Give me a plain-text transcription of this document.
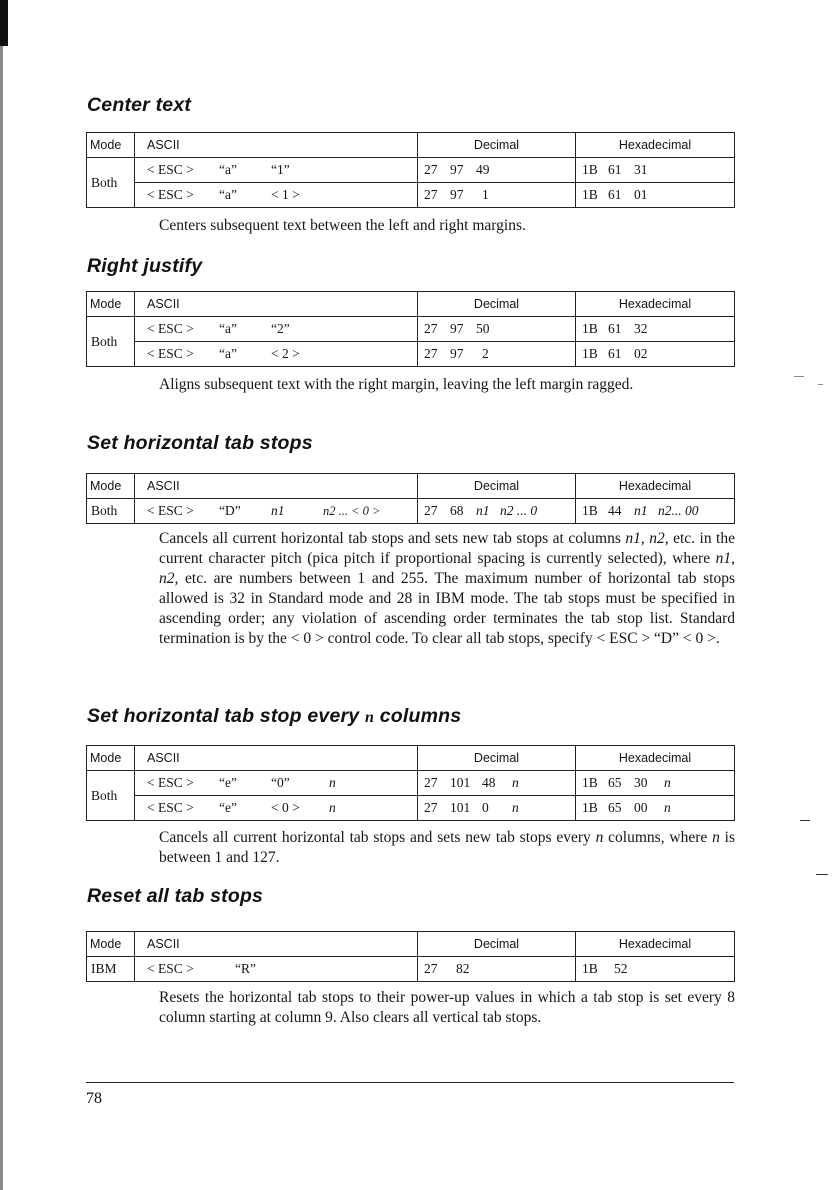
Center text
Mode	ASCII	Decimal	Hexadecimal
Both	< ESC > “a” “1”	27 97 49	1B 61 31
	< ESC > “a” < 1 >	27 97 1	1B 61 01

Centers subsequent text between the left and right margins.

Right justify
Mode	ASCII	Decimal	Hexadecimal
Both	< ESC > “a” “2”	27 97 50	1B 61 32
	< ESC > “a” < 2 >	27 97 2	1B 61 02

Aligns subsequent text with the right margin, leaving the left margin ragged.

Set horizontal tab stops
Mode	ASCII	Decimal	Hexadecimal
Both	< ESC > “D” n1 n2 ... < 0 >	27 68 n1 n2 ... 0	1B 44 n1 n2... 00

Cancels all current horizontal tab stops and sets new tab stops at columns n1, n2, etc. in the current character pitch (pica pitch if proportional spacing is currently selected), where n1, n2, etc. are numbers between 1 and 255. The maximum number of horizontal tab stops allowed is 32 in Standard mode and 28 in IBM mode. The tab stops must be specified in ascending order; any violation of ascending order terminates the tab stop list. Standard termination is by the < 0 > control code. To clear all tab stops, specify < ESC > “D” < 0 >.

Set horizontal tab stop every n columns
Mode	ASCII	Decimal	Hexadecimal
Both	< ESC > “e” “0” n	27 101 48 n	1B 65 30 n
	< ESC > “e” < 0 > n	27 101 0 n	1B 65 00 n

Cancels all current horizontal tab stops and sets new tab stops every n columns, where n is between 1 and 127.

Reset all tab stops
Mode	ASCII	Decimal	Hexadecimal
IBM	< ESC > “R”	27 82	1B 52

Resets the horizontal tab stops to their power-up values in which a tab stop is set every 8 column starting at column 9. Also clears all vertical tab stops.

78
